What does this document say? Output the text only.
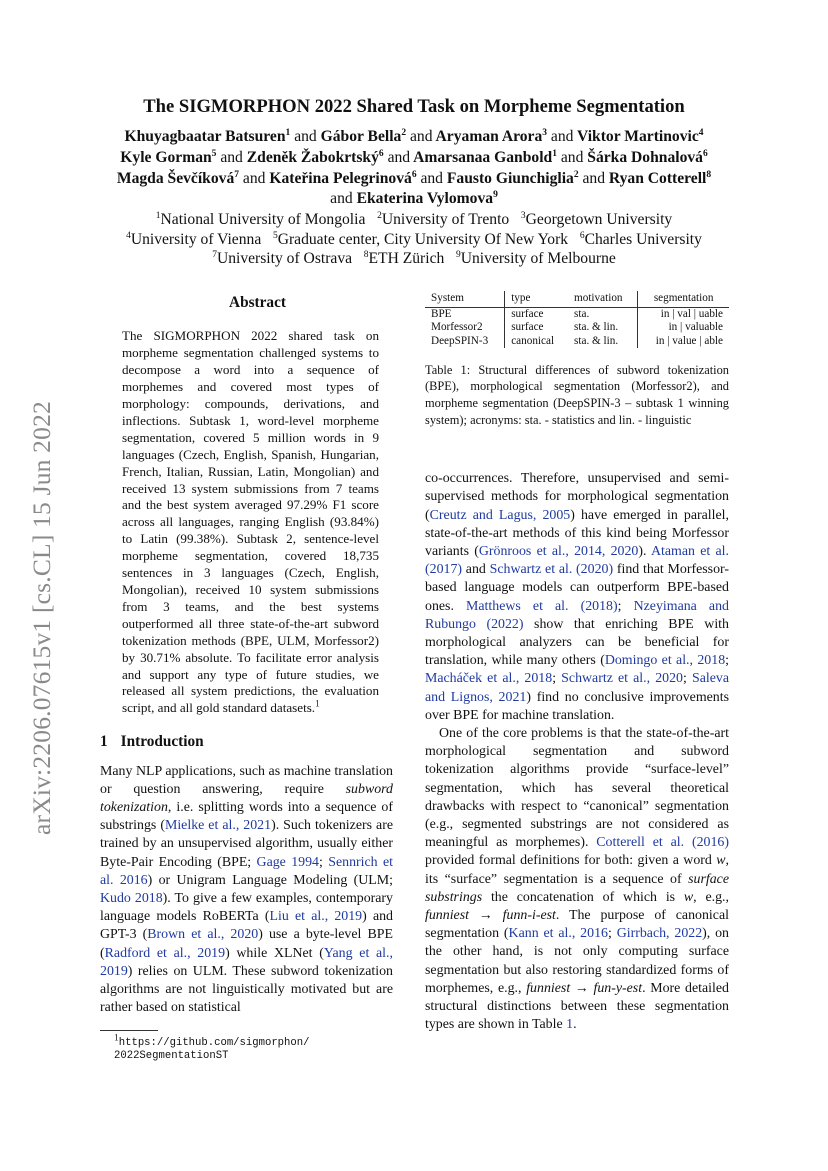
arXiv:2206.07615v1 [cs.CL] 15 Jun 2022
The SIGMORPHON 2022 Shared Task on Morpheme Segmentation
Khuyagbaatar Batsuren$^1$ and Gábor Bella$^2$ and Aryaman Arora$^3$ and Viktor Martinovic$^4$
Kyle Gorman$^5$ and Zdeněk Žabokrtský$^6$ and Amarsanaa Ganbold$^1$ and Šárka Dohnalová$^6$
Magda Ševčíková$^7$ and Kateřina Pelegrinová$^6$ and Fausto Giunchiglia$^2$ and Ryan Cotterell$^8$
and Ekaterina Vylomova$^9$
$^1$National University of Mongolia $^2$University of Trento $^3$Georgetown University
$^4$University of Vienna $^5$Graduate center, City University Of New York $^6$Charles University
$^7$University of Ostrava $^8$ETH Zürich $^9$University of Melbourne
Abstract
The SIGMORPHON 2022 shared task on morpheme segmentation challenged systems to decompose a word into a sequence of morphemes and covered most types of morphology: compounds, derivations, and inflections. Subtask 1, word-level morpheme segmentation, covered 5 million words in 9 languages (Czech, English, Spanish, Hungarian, French, Italian, Russian, Latin, Mongolian) and received 13 system submissions from 7 teams and the best system averaged 97.29% F1 score across all languages, ranging English (93.84%) to Latin (99.38%). Subtask 2, sentence-level morpheme segmentation, covered 18,735 sentences in 3 languages (Czech, English, Mongolian), received 10 system submissions from 3 teams, and the best systems outperformed all three state-of-the-art subword tokenization methods (BPE, ULM, Morfessor2) by 30.71% absolute. To facilitate error analysis and support any type of future studies, we released all system predictions, the evaluation script, and all gold standard datasets.$^1$
1 Introduction

Many NLP applications, such as machine translation or question answering, require subword tokenization, i.e. splitting words into a sequence of substrings (Mielke et al., 2021). Such tokenizers are trained by an unsupervised algorithm, usually either Byte-Pair Encoding (BPE; Gage 1994; Sennrich et al. 2016) or Unigram Language Modeling (ULM; Kudo 2018). To give a few examples, contemporary language models RoBERTa (Liu et al., 2019) and GPT-3 (Brown et al., 2020) use a byte-level BPE (Radford et al., 2019) while XLNet (Yang et al., 2019) relies on ULM. These subword tokenization algorithms are not linguistically motivated but are rather based on statistical

$^1$https://github.com/sigmorphon/
2022SegmentationST
System	type	motivation	segmentation
BPE	surface	sta.	in | val | uable
Morfessor2	surface	sta. & lin.	in | valuable
DeepSPIN-3	canonical	sta. & lin.	in | value | able
Table 1: Structural differences of subword tokenization (BPE), morphological segmentation (Morfessor2), and morpheme segmentation (DeepSPIN-3 – subtask 1 winning system); acronyms: sta. - statistics and lin. - linguistic

co-occurrences. Therefore, unsupervised and semi-supervised methods for morphological segmentation (Creutz and Lagus, 2005) have emerged in parallel, state-of-the-art methods of this kind being Morfessor variants (Grönroos et al., 2014, 2020). Ataman et al. (2017) and Schwartz et al. (2020) find that Morfessor-based language models can outperform BPE-based ones. Matthews et al. (2018); Nzeyimana and Rubungo (2022) show that enriching BPE with morphological analyzers can be beneficial for translation, while many others (Domingo et al., 2018; Macháček et al., 2018; Schwartz et al., 2020; Saleva and Lignos, 2021) find no conclusive improvements over BPE for machine translation.

One of the core problems is that the state-of-the-art morphological segmentation and subword tokenization algorithms provide “surface-level” segmentation, which has several theoretical drawbacks with respect to “canonical” segmentation (e.g., segmented substrings are not considered as meaningful as morphemes). Cotterell et al. (2016) provided formal definitions for both: given a word w, its “surface” segmentation is a sequence of surface substrings the concatenation of which is w, e.g., funniest → funn-i-est. The purpose of canonical segmentation (Kann et al., 2016; Girrbach, 2022), on the other hand, is not only computing surface segmentation but also restoring standardized forms of morphemes, e.g., funniest → fun-y-est. More detailed structural distinctions between these segmentation types are shown in Table 1.
